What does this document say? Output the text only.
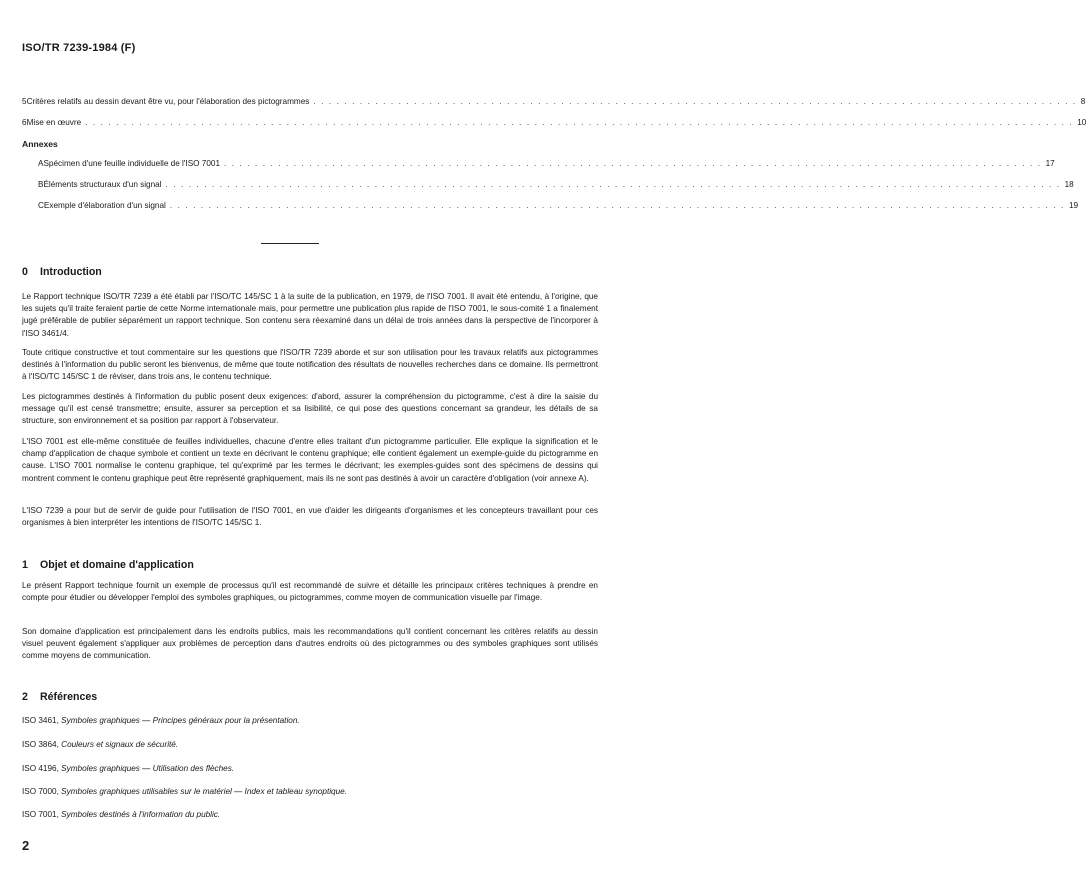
ISO/TR 7239-1984 (F)
5 Critères relatifs au dessin devant être vu, pour l'élaboration des pictogrammes . . . . . . . . . . . . . . . . . . . . . . . . . . . . . . . . . . . . . . . . . . . . . . . . . . . . . . . . . . . . . . . . . . . . . . . . . . . . . . . . . . . . . . . . . . . . . . . . . . . 8
6 Mise en œuvre . . . . . . . . . . . . . . . . . . . . . . . . . . . . . . . . . . . . . . . . . . . . . . . . . . . . . . . . . . . . . . . . . . . . . . . . . . . . . . . . . . . . . . . . . . . . . . . . . . . . . . . . . . . . . . . . . . . . . . . . . . . . . . . . 10
Annexes
A Spécimen d'une feuille individuelle de l'ISO 7001 . . . . . . . . . . . . . . . . . . . . . . . . . . . . . . . . . . . . . . . . . . . . . . . . . . . . . . . . . . . . . . . . . . . . . . . . . . . . . . . . . . . . . . . . . . . . . . . . . . . . . . . . . . 17
B Éléments structuraux d'un signal . . . . . . . . . . . . . . . . . . . . . . . . . . . . . . . . . . . . . . . . . . . . . . . . . . . . . . . . . . . . . . . . . . . . . . . . . . . . . . . . . . . . . . . . . . . . . . . . . . . . . . . . . . . . . . . . . . . . 18
C Exemple d'élaboration d'un signal . . . . . . . . . . . . . . . . . . . . . . . . . . . . . . . . . . . . . . . . . . . . . . . . . . . . . . . . . . . . . . . . . . . . . . . . . . . . . . . . . . . . . . . . . . . . . . . . . . . . . . . . . . . . . . . . . . . . 19
0 Introduction

Le Rapport technique ISO/TR 7239 a été établi par l'ISO/TC 145/SC 1 à la suite de la publication, en 1979, de l'ISO 7001. Il avait été entendu, à l'origine, que les sujets qu'il traite feraient partie de cette Norme internationale mais, pour permettre une publication plus rapide de l'ISO 7001, le sous-comité 1 a finalement jugé préférable de publier séparément un rapport technique. Son contenu sera réexaminé dans un délai de trois années dans la perspective de l'incorporer à l'ISO 3461/4.

Toute critique constructive et tout commentaire sur les questions que l'ISO/TR 7239 aborde et sur son utilisation pour les travaux relatifs aux pictogrammes destinés à l'information du public seront les bienvenus, de même que toute notification des résultats de nouvelles recherches dans ce domaine. Ils permettront à l'ISO/TC 145/SC 1 de réviser, dans trois ans, le contenu technique.

Les pictogrammes destinés à l'information du public posent deux exigences: d'abord, assurer la compréhension du pictogramme, c'est à dire la saisie du message qu'il est censé transmettre; ensuite, assurer sa perception et sa lisibilité, ce qui pose des questions concernant sa grandeur, les détails de sa structure, son environnement et sa position par rapport à l'observateur.

L'ISO 7001 est elle-même constituée de feuilles individuelles, chacune d'entre elles traitant d'un pictogramme particulier. Elle explique la signification et le champ d'application de chaque symbole et contient un texte en décrivant le contenu graphique; elle contient également un exemple-guide du pictogramme en cause. L'ISO 7001 normalise le contenu graphique, tel qu'exprimé par les termes le décrivant; les exemples-guides sont des spécimens de dessins qui montrent comment le contenu graphique peut être représenté graphiquement, mais ils ne sont pas destinés à avoir un caractère d'obligation (voir annexe A).

L'ISO 7239 a pour but de servir de guide pour l'utilisation de l'ISO 7001, en vue d'aider les dirigeants d'organismes et les concepteurs travaillant pour ces organismes à bien interpréter les intentions de l'ISO/TC 145/SC 1.

1 Objet et domaine d'application

Le présent Rapport technique fournit un exemple de processus qu'il est recommandé de suivre et détaille les principaux critères techniques à prendre en compte pour étudier ou développer l'emploi des symboles graphiques, ou pictogrammes, comme moyen de communication visuelle par l'image.

Son domaine d'application est principalement dans les endroits publics, mais les recommandations qu'il contient concernant les critères relatifs au dessin visuel peuvent également s'appliquer aux problèmes de perception dans d'autres endroits où des pictogrammes ou des symboles graphiques sont utilisés comme moyens de communication.

2 Références
ISO 3461, Symboles graphiques — Principes généraux pour la présentation.
ISO 3864, Couleurs et signaux de sécurité.
ISO 4196, Symboles graphiques — Utilisation des flèches.
ISO 7000, Symboles graphiques utilisables sur le matériel — Index et tableau synoptique.
ISO 7001, Symboles destinés à l'information du public.
2
